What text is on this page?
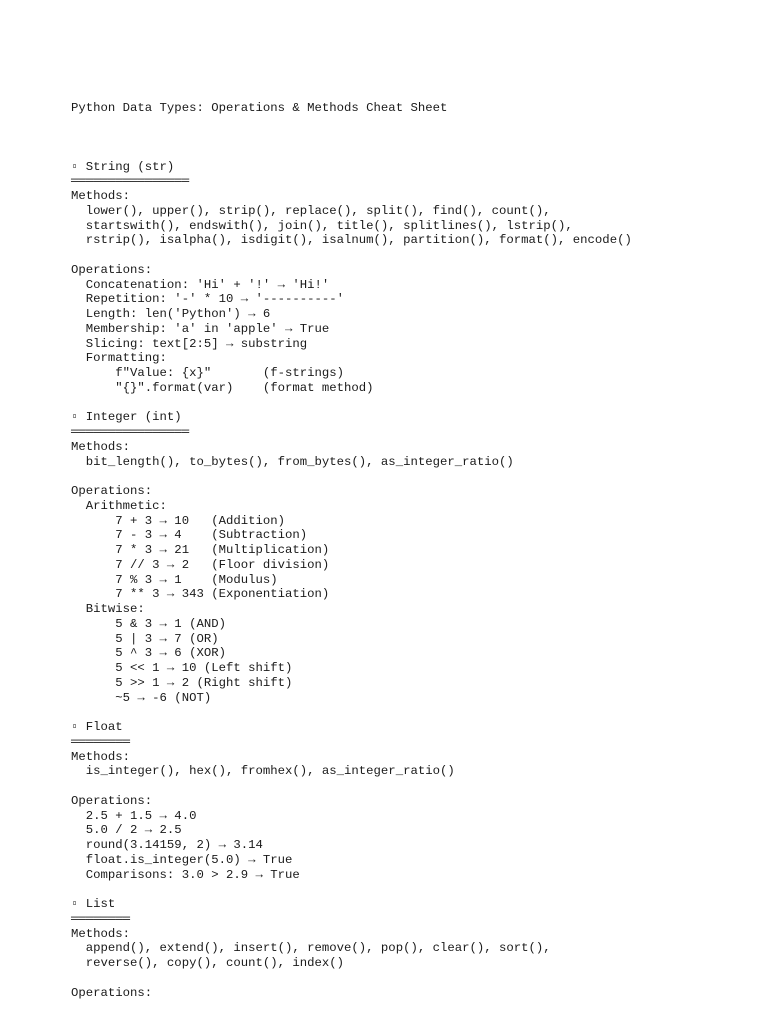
Python Data Types: Operations & Methods Cheat Sheet

▫ String (str)
════════════════
Methods:
lower(), upper(), strip(), replace(), split(), find(), count(),
startswith(), endswith(), join(), title(), splitlines(), lstrip(),
rstrip(), isalpha(), isdigit(), isalnum(), partition(), format(), encode()
Operations:
Concatenation: 'Hi' + '!' → 'Hi!'
Repetition: '-' * 10 → '----------'
Length: len('Python') → 6
Membership: 'a' in 'apple' → True
Slicing: text[2:5] → substring
Formatting:
f"Value: {x}"       (f-strings)
"{}".format(var)    (format method)
▫ Integer (int)
════════════════
Methods:
bit_length(), to_bytes(), from_bytes(), as_integer_ratio()
Operations:
Arithmetic:
7 + 3 → 10   (Addition)
7 - 3 → 4    (Subtraction)
7 * 3 → 21   (Multiplication)
7 // 3 → 2   (Floor division)
7 % 3 → 1    (Modulus)
7 ** 3 → 343 (Exponentiation)
Bitwise:
5 & 3 → 1 (AND)
5 | 3 → 7 (OR)
5 ^ 3 → 6 (XOR)
5 << 1 → 10 (Left shift)
5 >> 1 → 2 (Right shift)
~5 → -6 (NOT)
▫ Float
════════
Methods:
is_integer(), hex(), fromhex(), as_integer_ratio()
Operations:
2.5 + 1.5 → 4.0
5.0 / 2 → 2.5
round(3.14159, 2) → 3.14
float.is_integer(5.0) → True
Comparisons: 3.0 > 2.9 → True
▫ List
════════
Methods:
append(), extend(), insert(), remove(), pop(), clear(), sort(),
reverse(), copy(), count(), index()
Operations:
